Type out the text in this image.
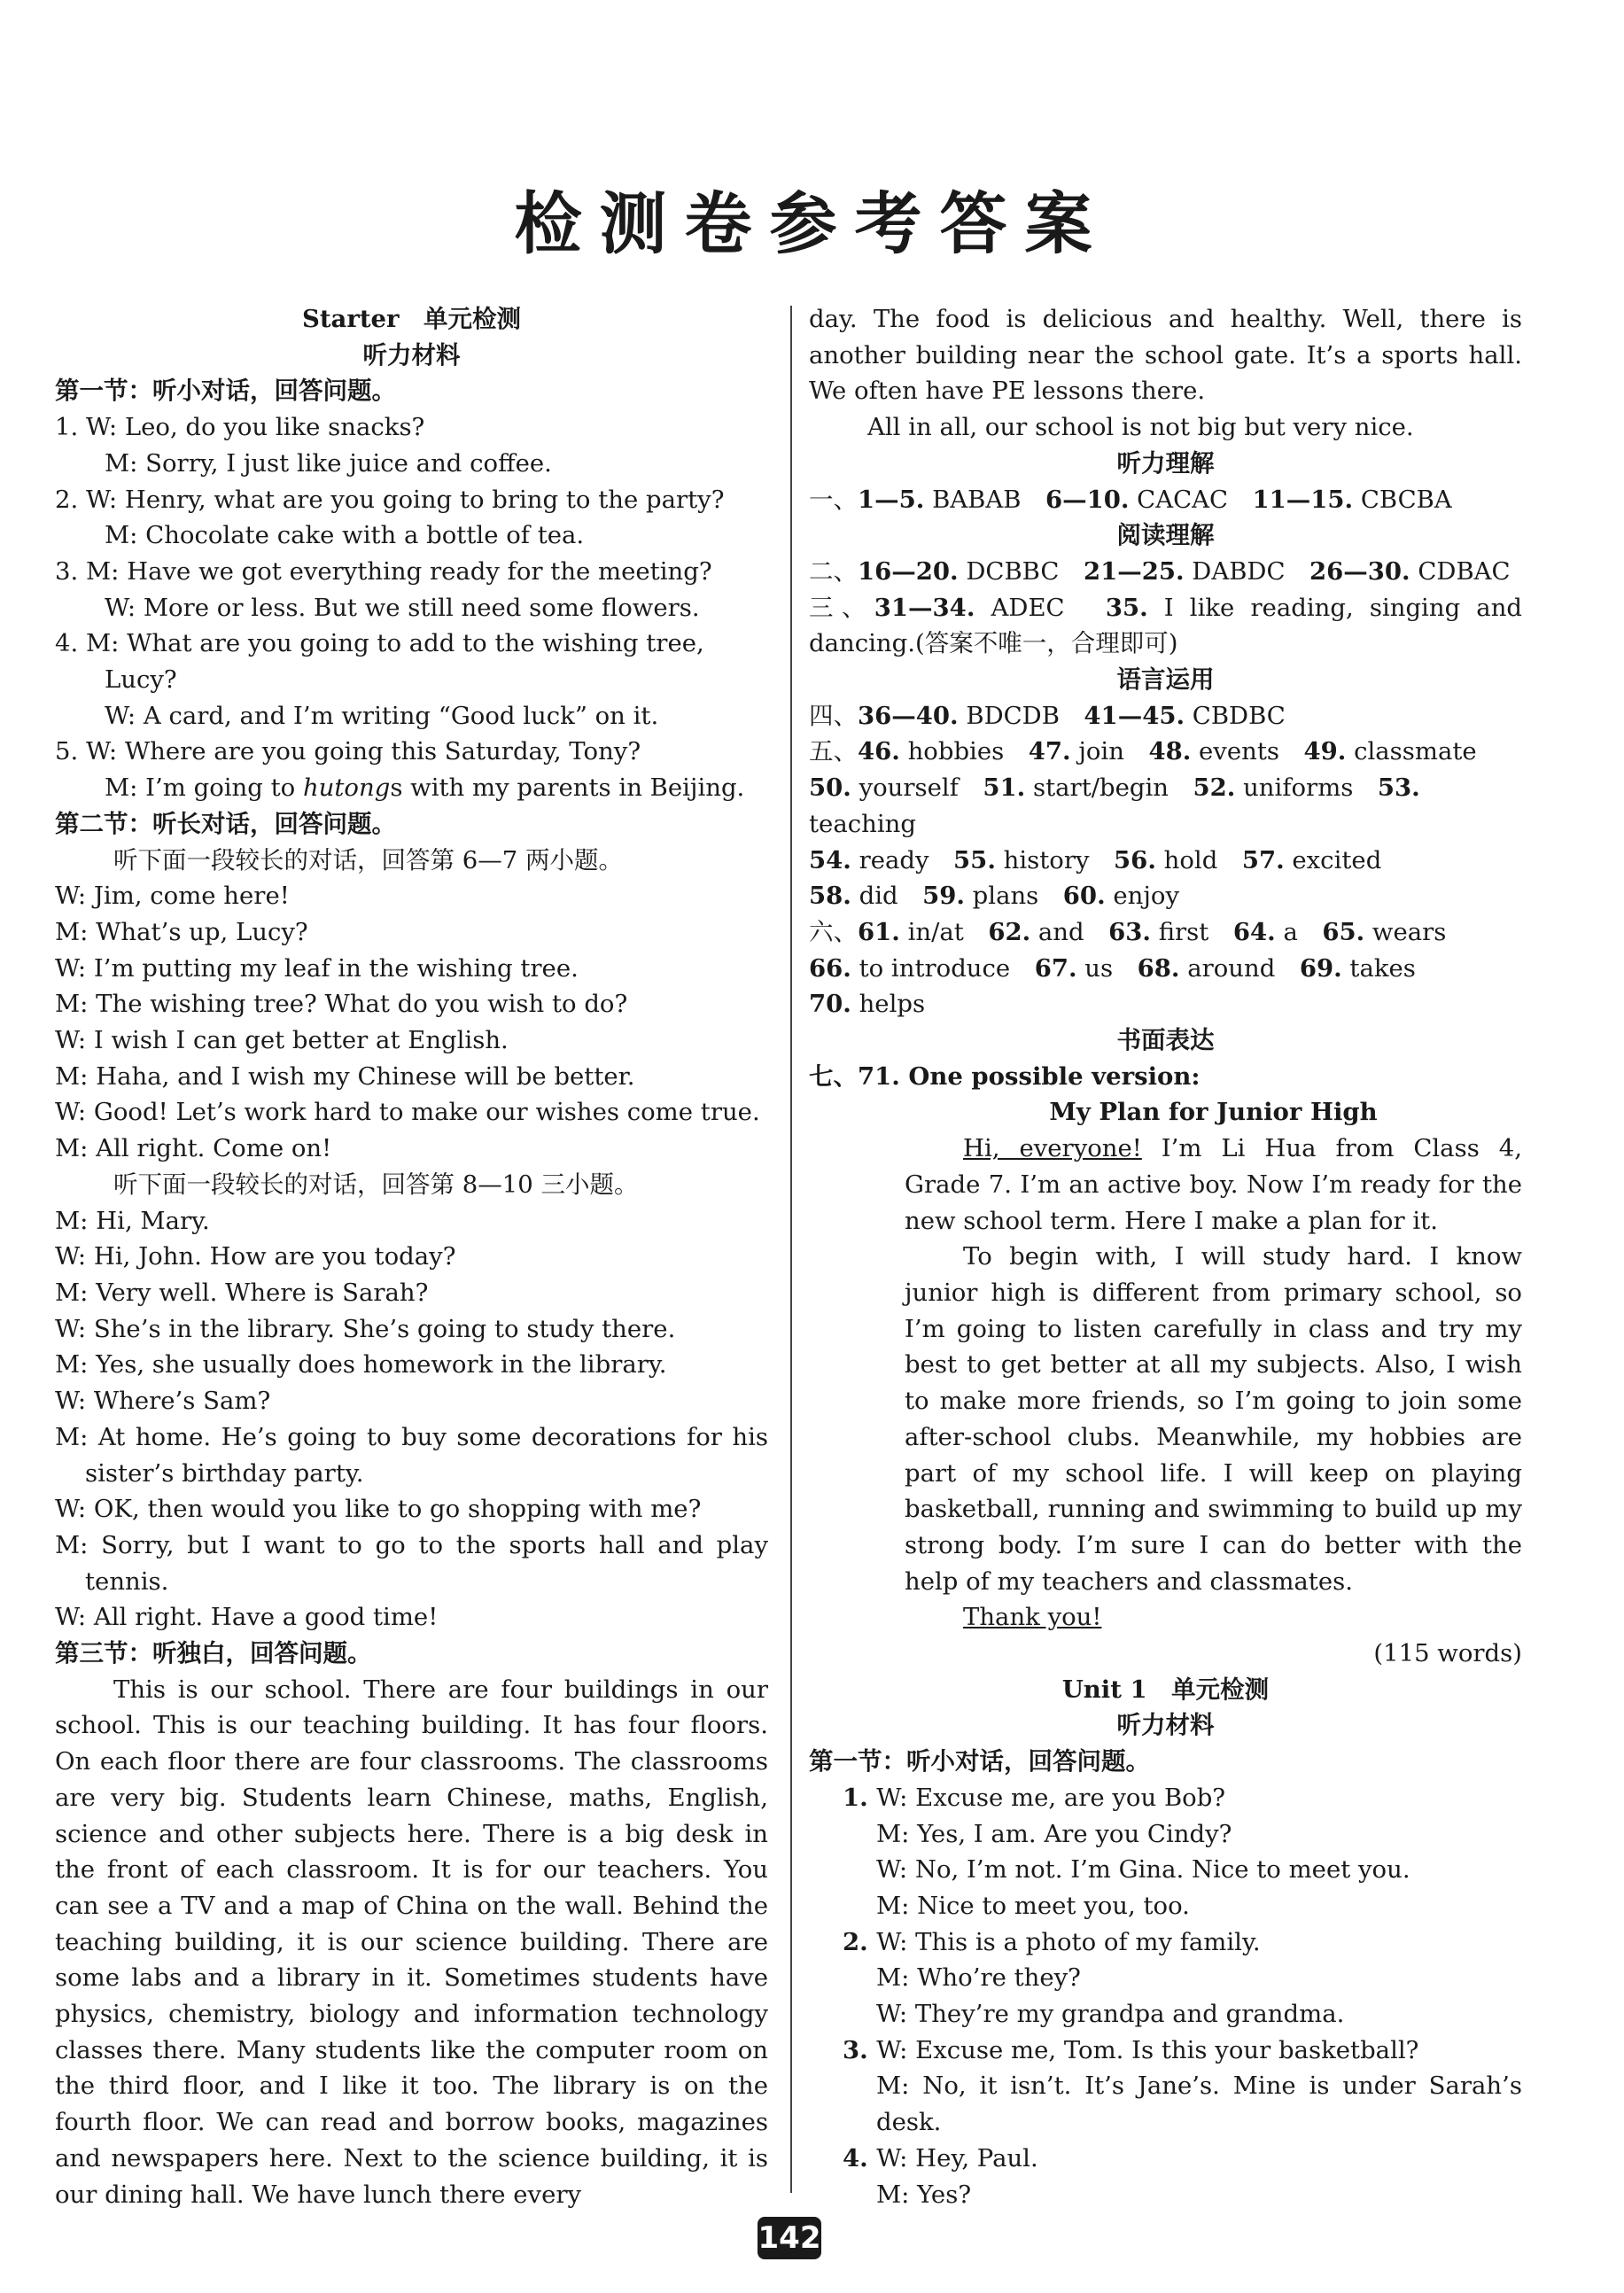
检测卷参考答案

Starter　单元检测

听力材料

第一节：听小对话，回答问题。

1. W: Leo, do you like snacks?

M: Sorry, I just like juice and coffee.

2. W: Henry, what are you going to bring to the party?

M: Chocolate cake with a bottle of tea.

3. M: Have we got everything ready for the meeting?

W: More or less. But we still need some flowers.

4. M: What are you going to add to the wishing tree, Lucy?

W: A card, and I’m writing “Good luck” on it.

5. W: Where are you going this Saturday, Tony?

M: I’m going to hutongs with my parents in Beijing.

第二节：听长对话，回答问题。

听下面一段较长的对话，回答第 6—7 两小题。

W: Jim, come here!

M: What’s up, Lucy?

W: I’m putting my leaf in the wishing tree.

M: The wishing tree? What do you wish to do?

W: I wish I can get better at English.

M: Haha, and I wish my Chinese will be better.

W: Good! Let’s work hard to make our wishes come true.

M: All right. Come on!

听下面一段较长的对话，回答第 8—10 三小题。

M: Hi, Mary.

W: Hi, John. How are you today?

M: Very well. Where is Sarah?

W: She’s in the library. She’s going to study there.

M: Yes, she usually does homework in the library.

W: Where’s Sam?

M: At home. He’s going to buy some decorations for his sister’s birthday party.

W: OK, then would you like to go shopping with me?

M: Sorry, but I want to go to the sports hall and play tennis.

W: All right. Have a good time!

第三节：听独白，回答问题。

This is our school. There are four buildings in our school. This is our teaching building. It has four floors. On each floor there are four classrooms. The classrooms are very big. Students learn Chinese, maths, English, science and other subjects here. There is a big desk in the front of each classroom. It is for our teachers. You can see a TV and a map of China on the wall. Behind the teaching building, it is our science building. There are some labs and a library in it. Sometimes students have physics, chemistry, biology and information technology classes there. Many students like the computer room on the third floor, and I like it too. The library is on the fourth floor. We can read and borrow books, magazines and newspapers here. Next to the science building, it is our dining hall. We have lunch there every

day. The food is delicious and healthy. Well, there is another building near the school gate. It’s a sports hall. We often have PE lessons there.

All in all, our school is not big but very nice.

听力理解

一、1—5. BABAB　6—10. CACAC　11—15. CBCBA

阅读理解

二、16—20. DCBBC　21—25. DABDC　26—30. CDBAC

三、31—34. ADEC　35. I like reading, singing and dancing.(答案不唯一，合理即可)

语言运用

四、36—40. BDCDB　41—45. CBDBC

五、46. hobbies　47. join　48. events　49. classmate

50. yourself　51. start/begin　52. uniforms　53. teaching

54. ready　55. history　56. hold　57. excited

58. did　59. plans　60. enjoy

六、61. in/at　62. and　63. first　64. a　65. wears

66. to introduce　67. us　68. around　69. takes

70. helps

书面表达

七、71. One possible version:

My Plan for Junior High

Hi, everyone! I’m Li Hua from Class 4, Grade 7. I’m an active boy. Now I’m ready for the new school term. Here I make a plan for it.

To begin with, I will study hard. I know junior high is different from primary school, so I’m going to listen carefully in class and try my best to get better at all my subjects. Also, I wish to make more friends, so I’m going to join some after-school clubs. Meanwhile, my hobbies are part of my school life. I will keep on playing basketball, running and swimming to build up my strong body. I’m sure I can do better with the help of my teachers and classmates.

Thank you!

(115 words)

Unit 1　单元检测

听力材料

第一节：听小对话，回答问题。

1. W: Excuse me, are you Bob?

M: Yes, I am. Are you Cindy?

W: No, I’m not. I’m Gina. Nice to meet you.

M: Nice to meet you, too.

2. W: This is a photo of my family.

M: Who’re they?

W: They’re my grandpa and grandma.

3. W: Excuse me, Tom. Is this your basketball?

M: No, it isn’t. It’s Jane’s. Mine is under Sarah’s desk.

4. W: Hey, Paul.

M: Yes?

142
